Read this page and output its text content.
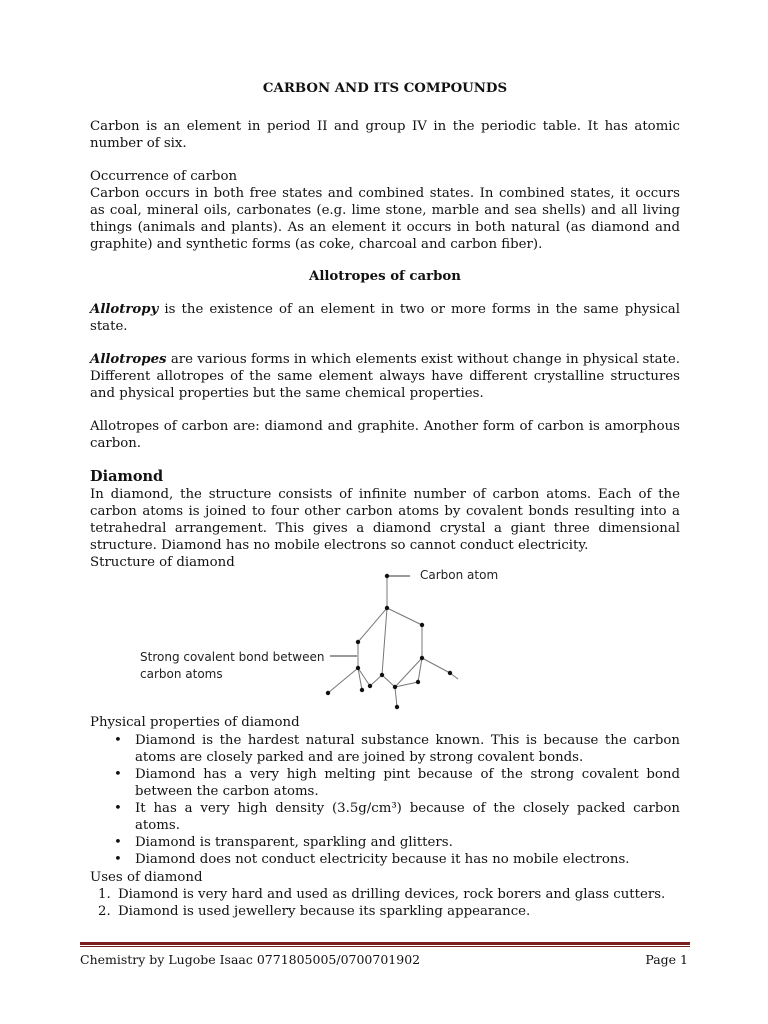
CARBON AND ITS COMPOUNDS
Carbon is an element in period II and group IV in the periodic table. It has atomic number of six.
Occurrence of carbon
Carbon occurs in both free states and combined states. In combined states, it occurs as coal, mineral oils, carbonates (e.g. lime stone, marble and sea shells) and all living things (animals and plants). As an element it occurs in both natural (as diamond and graphite) and synthetic forms (as coke, charcoal and carbon fiber).
Allotropes of carbon
Allotropy is the existence of an element in two or more forms in the same physical state.
Allotropes are various forms in which elements exist without change in physical state. Different allotropes of the same element always have different crystalline structures and physical properties but the same chemical properties.
Allotropes of carbon are: diamond and graphite. Another form of carbon is amorphous carbon.
Diamond
In diamond, the structure consists of infinite number of carbon atoms. Each of the carbon atoms is joined to four other carbon atoms by covalent bonds resulting into a tetrahedral arrangement. This gives a diamond crystal a giant three dimensional structure. Diamond has no mobile electrons so cannot conduct electricity.
Structure of diamond
Physical properties of diamond
• Diamond is the hardest natural substance known. This is because the carbon atoms are closely parked and are joined by strong covalent bonds.
• Diamond has a very high melting pint because of the strong covalent bond between the carbon atoms.
• It has a very high density (3.5g/cm³) because of the closely packed carbon atoms.
• Diamond is transparent, sparkling and glitters.
• Diamond does not conduct electricity because it has no mobile electrons.
Uses of diamond
1. Diamond is very hard and used as drilling devices, rock borers and glass cutters.
2. Diamond is used jewellery because its sparkling appearance.
Carbon atom
Strong covalent bond between
carbon atoms
Chemistry by Lugobe Isaac 0771805005/0700701902	Page 1
